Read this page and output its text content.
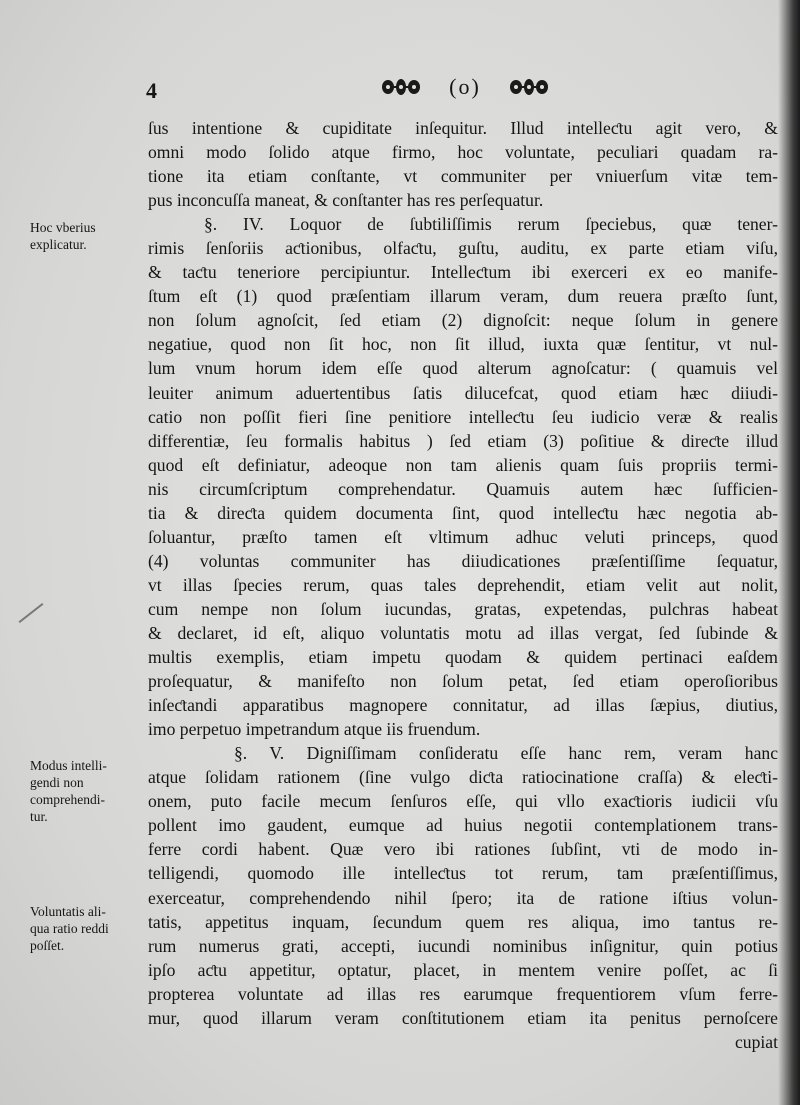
4	(o)
ſus intentione & cupiditate inſequitur. Illud intelleƈtu agit vero, &
omni modo ſolido atque firmo, hoc voluntate, peculiari quadam ra-
tione ita etiam conſtante, vt communiter per vniuerſum vitæ tem-
pus inconcuſſa maneat, & conſtanter has res perſequatur.
§. IV. Loquor de ſubtiliſſimis rerum ſpeciebus, quæ tener-
rimis ſenſoriis aƈtionibus, olfaƈtu, guſtu, auditu, ex parte etiam viſu,
& taƈtu teneriore percipiuntur. Intelleƈtum ibi exerceri ex eo manife-
ſtum eſt (1) quod præſentiam illarum veram, dum reuera præſto ſunt,
non ſolum agnoſcit, ſed etiam (2) dignoſcit: neque ſolum in genere
negatiue, quod non ſit hoc, non ſit illud, iuxta quæ ſentitur, vt nul-
lum vnum horum idem eſſe quod alterum agnoſcatur: ( quamuis vel
leuiter animum aduertentibus ſatis dilucefcat, quod etiam hæc diiudi-
catio non poſſit fieri ſine penitiore intelleƈtu ſeu iudicio veræ & realis
differentiæ, ſeu formalis habitus ) ſed etiam (3) poſitiue & direƈte illud
quod eſt definiatur, adeoque non tam alienis quam ſuis propriis termi-
nis circumſcriptum comprehendatur. Quamuis autem hæc ſufficien-
tia & direƈta quidem documenta ſint, quod intelleƈtu hæc negotia ab-
ſoluantur, præſto tamen eſt vltimum adhuc veluti princeps, quod
(4) voluntas communiter has diiudicationes præſentiſſime ſequatur,
vt illas ſpecies rerum, quas tales deprehendit, etiam velit aut nolit,
cum nempe non ſolum iucundas, gratas, expetendas, pulchras habeat
& declaret, id eſt, aliquo voluntatis motu ad illas vergat, ſed ſubinde &
multis exemplis, etiam impetu quodam & quidem pertinaci eaſdem
proſequatur, & manifeſto non ſolum petat, ſed etiam operoſioribus
inſeƈtandi apparatibus magnopere connitatur, ad illas ſæpius, diutius,
imo perpetuo impetrandum atque iis fruendum.
§. V. Digniſſimam conſideratu eſſe hanc rem, veram hanc
atque ſolidam rationem (ſine vulgo diƈta ratiocinatione craſſa) & eleƈti-
onem, puto facile mecum ſenſuros eſſe, qui vllo exaƈtioris iudicii vſu
pollent imo gaudent, eumque ad huius negotii contemplationem trans-
ferre cordi habent. Quæ vero ibi rationes ſubſint, vti de modo in-
telligendi, quomodo ille intelleƈtus tot rerum, tam præſentiſſimus,
exerceatur, comprehendendo nihil ſpero; ita de ratione iſtius volun-
tatis, appetitus inquam, ſecundum quem res aliqua, imo tantus re-
rum numerus grati, accepti, iucundi nominibus inſignitur, quin potius
ipſo aƈtu appetitur, optatur, placet, in mentem venire poſſet, ac ſi
propterea voluntate ad illas res earumque frequentiorem vſum ferre-
mur, quod illarum veram conſtitutionem etiam ita penitus pernoſcere
cupiat
Hoc vberius
explicatur.
Modus intelli-
gendi non
comprehendi-
tur.
Voluntatis ali-
qua ratio reddi
poſſet.
